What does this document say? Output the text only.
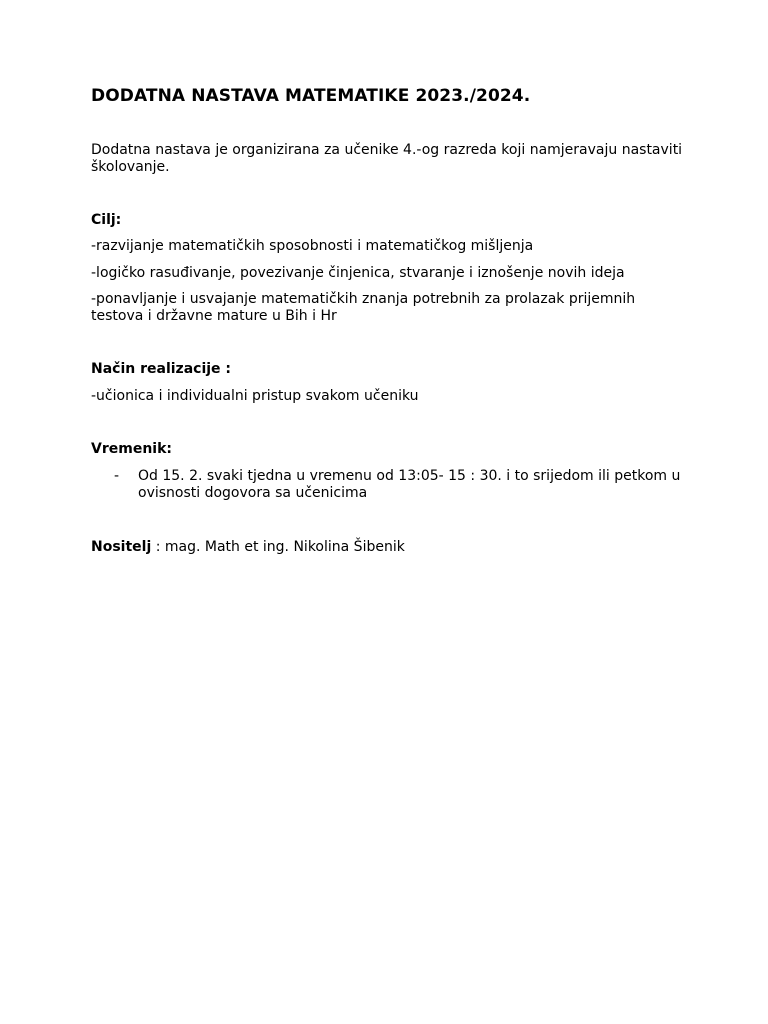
DODATNA NASTAVA MATEMATIKE 2023./2024.

Dodatna nastava je organizirana za učenike 4.-og razreda koji namjeravaju nastaviti školovanje.

Cilj:

-razvijanje matematičkih sposobnosti i matematičkog mišljenja

-logičko rasuđivanje, povezivanje činjenica, stvaranje i iznošenje novih ideja

-ponavljanje i usvajanje matematičkih znanja potrebnih za prolazak prijemnih testova i državne mature u Bih i Hr

Način realizacije :

-učionica i individualni pristup svakom učeniku

Vremenik:

-	Od 15. 2. svaki tjedna u vremenu od 13:05- 15 : 30. i to srijedom ili petkom u ovisnosti dogovora sa učenicima

Nositelj : mag. Math et ing. Nikolina Šibenik
